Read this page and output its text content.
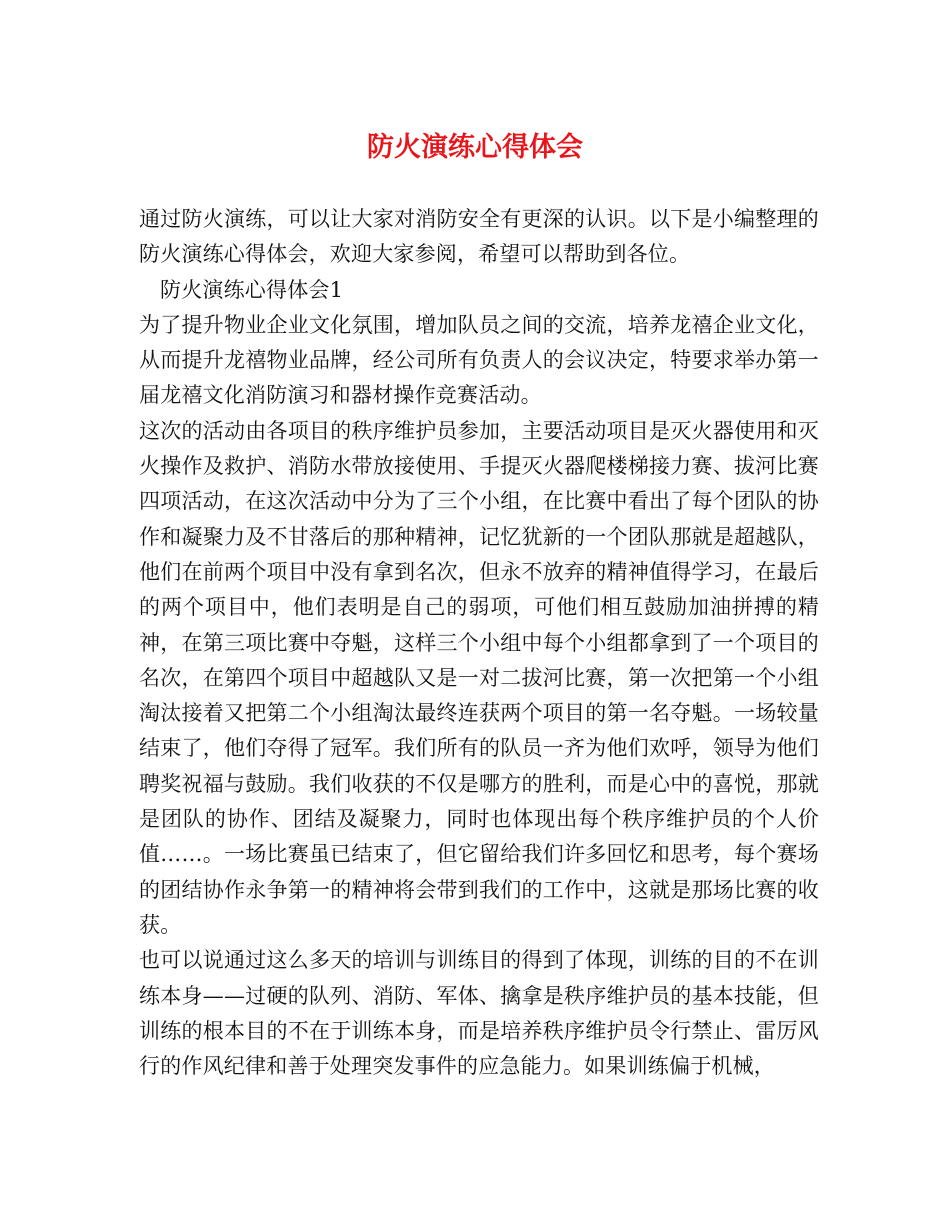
防火演练心得体会

通过防火演练，可以让大家对消防安全有更深的认识。以下是小编整理的防火演练心得体会，欢迎大家参阅，希望可以帮助到各位。

防火演练心得体会1

为了提升物业企业文化氛围，增加队员之间的交流，培养龙禧企业文化，从而提升龙禧物业品牌，经公司所有负责人的会议决定，特要求举办第一届龙禧文化消防演习和器材操作竞赛活动。

这次的活动由各项目的秩序维护员参加，主要活动项目是灭火器使用和灭火操作及救护、消防水带放接使用、手提灭火器爬楼梯接力赛、拔河比赛四项活动，在这次活动中分为了三个小组，在比赛中看出了每个团队的协作和凝聚力及不甘落后的那种精神，记忆犹新的一个团队那就是超越队，他们在前两个项目中没有拿到名次，但永不放弃的精神值得学习，在最后的两个项目中，他们表明是自己的弱项，可他们相互鼓励加油拼搏的精神，在第三项比赛中夺魁，这样三个小组中每个小组都拿到了一个项目的名次，在第四个项目中超越队又是一对二拔河比赛，第一次把第一个小组淘汰接着又把第二个小组淘汰最终连获两个项目的第一名夺魁。一场较量结束了，他们夺得了冠军。我们所有的队员一齐为他们欢呼，领导为他们聘奖祝福与鼓励。我们收获的不仅是哪方的胜利，而是心中的喜悦，那就是团队的协作、团结及凝聚力，同时也体现出每个秩序维护员的个人价值……。一场比赛虽已结束了，但它留给我们许多回忆和思考，每个赛场的团结协作永争第一的精神将会带到我们的工作中，这就是那场比赛的收获。

也可以说通过这么多天的培训与训练目的得到了体现，训练的目的不在训练本身——过硬的队列、消防、军体、擒拿是秩序维护员的基本技能，但训练的根本目的不在于训练本身，而是培养秩序维护员令行禁止、雷厉风行的作风纪律和善于处理突发事件的应急能力。如果训练偏于机械，
